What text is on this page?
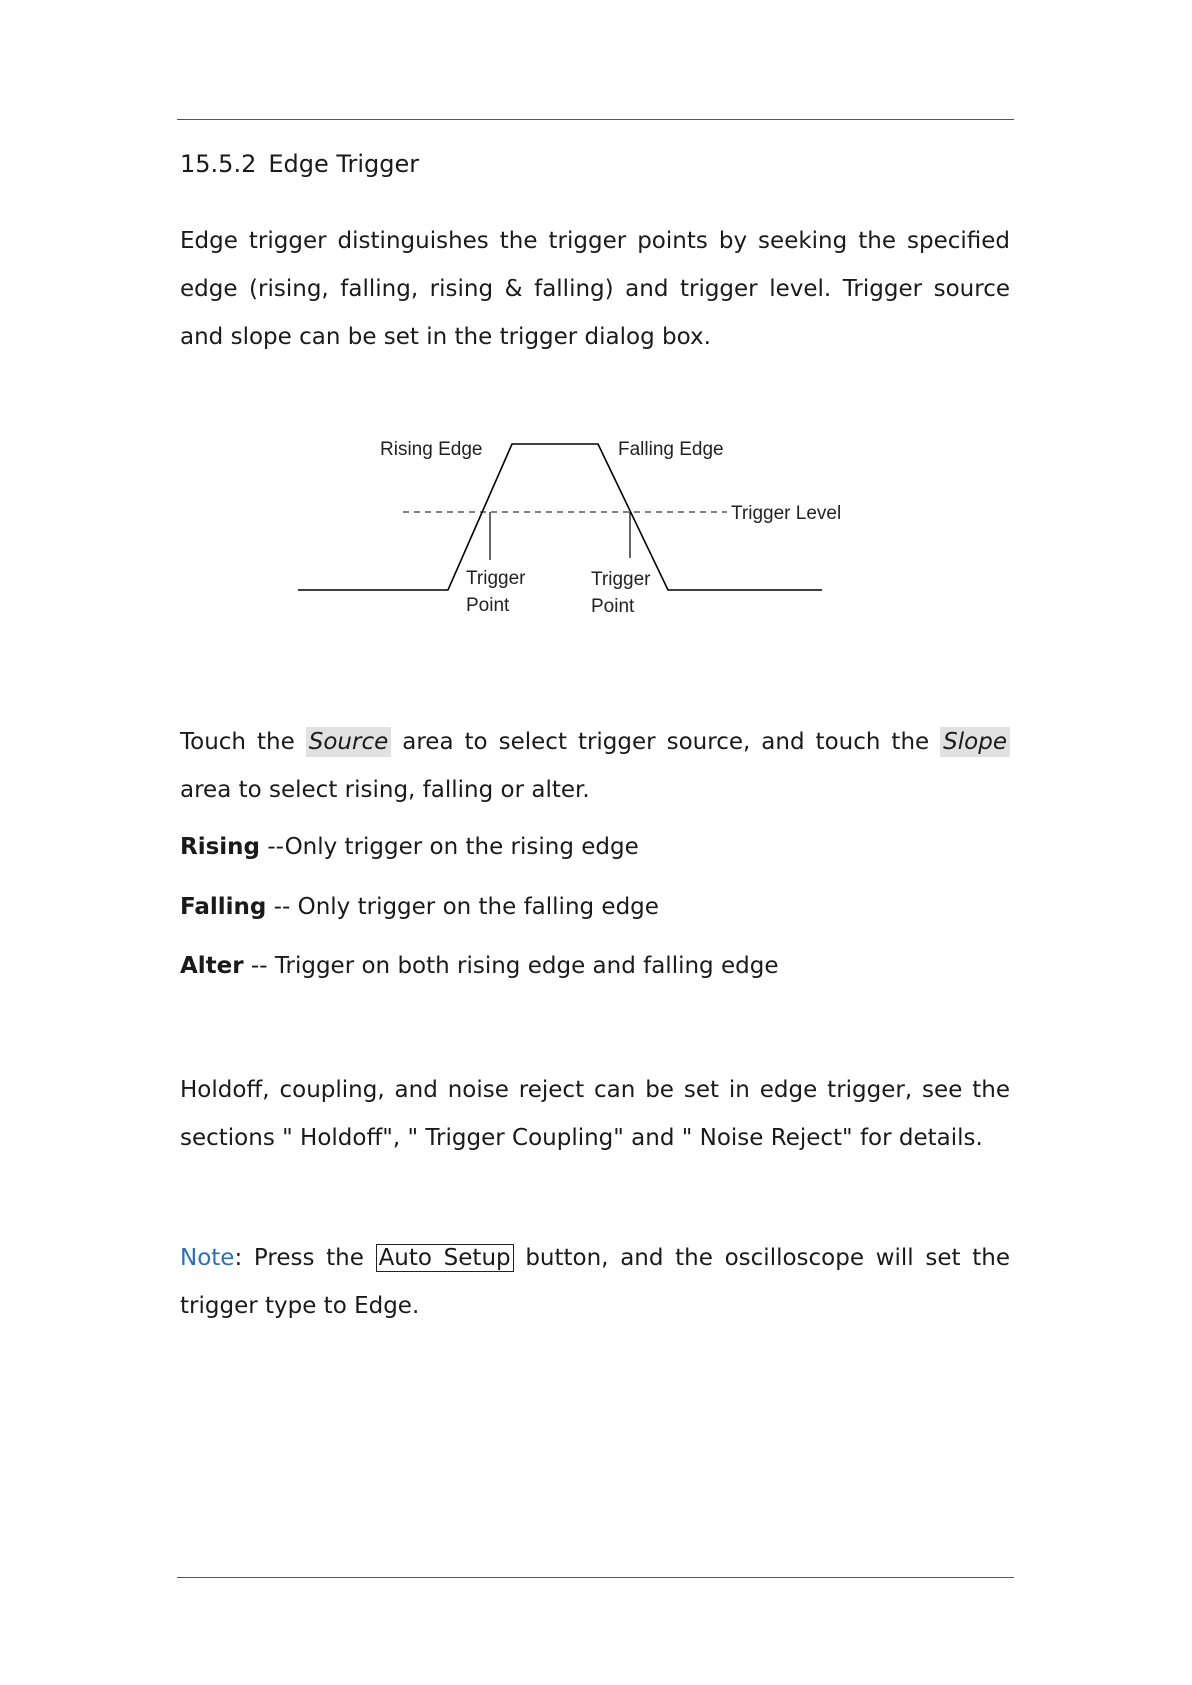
15.5.2 Edge Trigger
Edge trigger distinguishes the trigger points by seeking the specified edge (rising, falling, rising & falling) and trigger level. Trigger source and slope can be set in the trigger dialog box.
Rising Edge	Falling Edge
Trigger Level
Trigger
Point
Trigger
Point
Touch the Source area to select trigger source, and touch the Slope area to select rising, falling or alter.
Rising --Only trigger on the rising edge
Falling -- Only trigger on the falling edge
Alter -- Trigger on both rising edge and falling edge
Holdoff, coupling, and noise reject can be set in edge trigger, see the sections " Holdoff", " Trigger Coupling" and " Noise Reject" for details.
Note: Press the Auto Setup button, and the oscilloscope will set the trigger type to Edge.
